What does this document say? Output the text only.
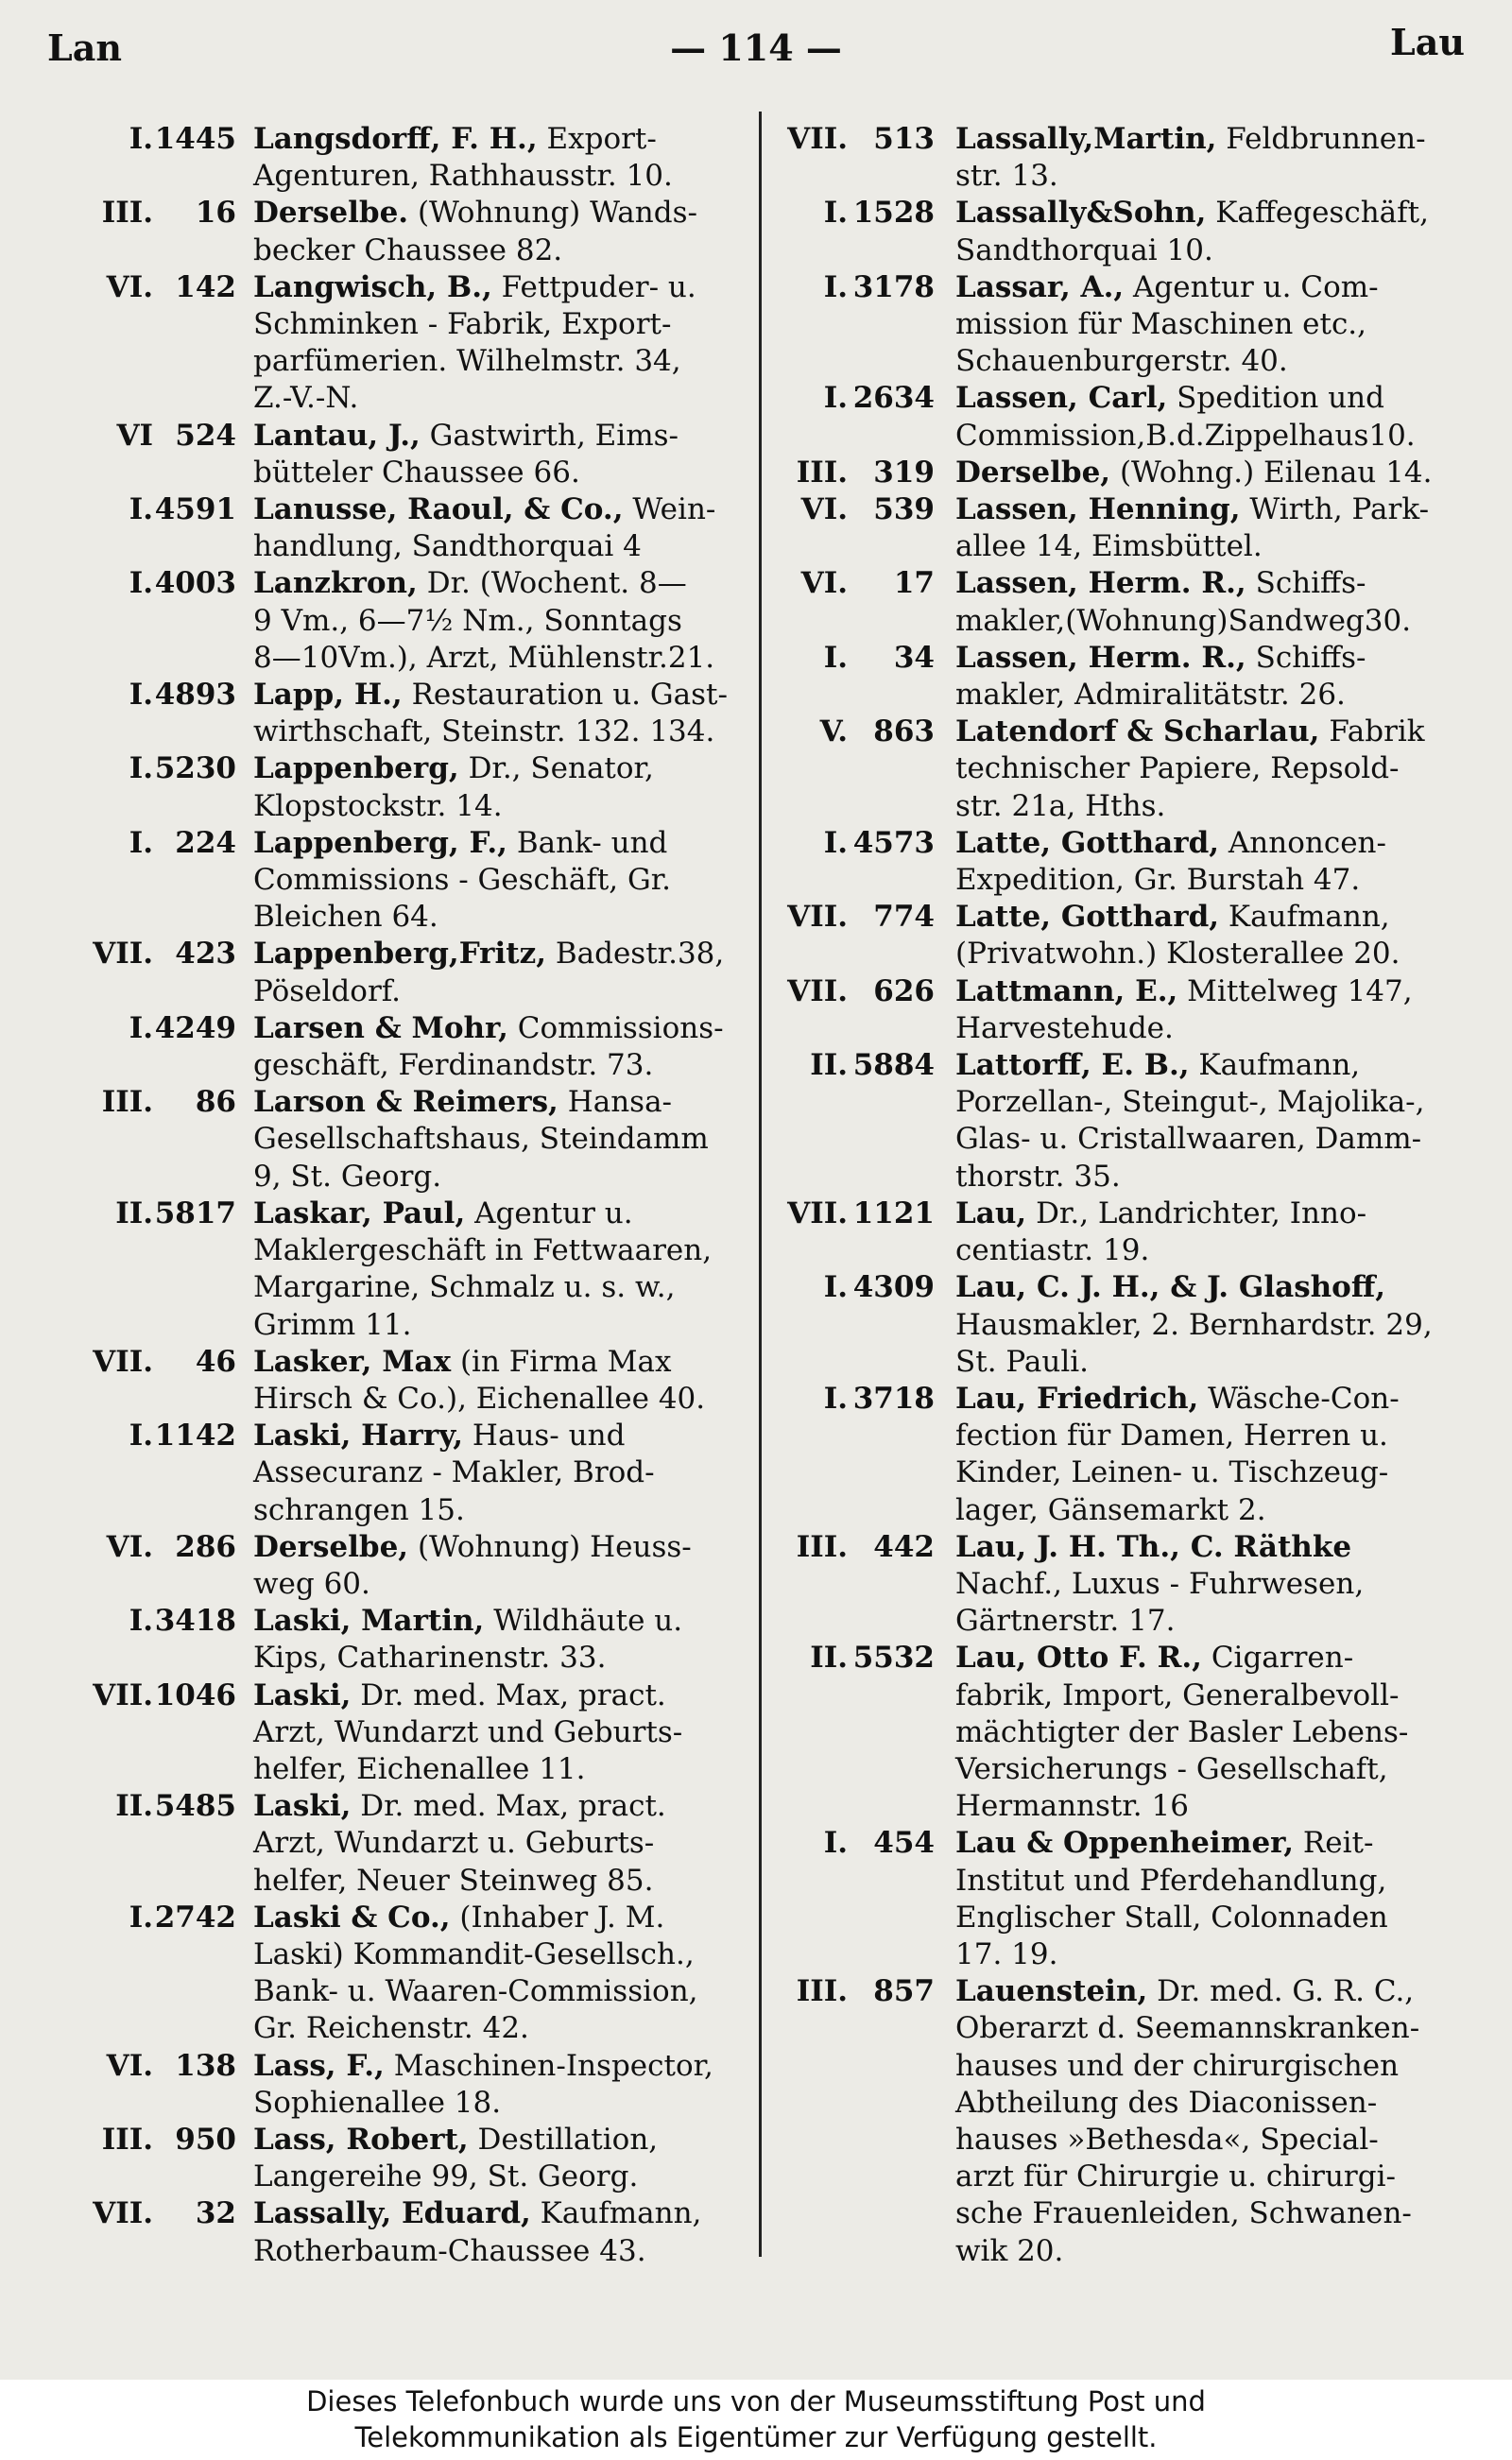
Lan	— 114 —	Lau
I. 1445 Langsdorff, F. H., Export-
Agenturen, Rathhausstr. 10.
III.	16 Derselbe. (Wohnung) Wands-
becker Chaussee 82.
VI. 142 Langwisch, B., Fettpuder- u.
Schminken - Fabrik, Export-
parfümerien. Wilhelmstr. 34,
Z.-V.-N.
VI 524 Lantau, J., Gastwirth, Eims-
bütteler Chaussee 66.
I. 4591 Lanusse, Raoul, & Co., Wein-
handlung, Sandthorquai 4
I. 4003 Lanzkron, Dr. (Wochent. 8—
9 Vm., 6—7½ Nm., Sonntags
8—10Vm.), Arzt, Mühlenstr.21.
I. 4893 Lapp, H., Restauration u. Gast-
wirthschaft, Steinstr. 132. 134.
I. 5230 Lappenberg, Dr., Senator,
Klopstockstr. 14.
I. 224 Lappenberg, F., Bank- und
Commissions - Geschäft, Gr.
Bleichen 64.
VII. 423 Lappenberg,Fritz, Badestr.38,
Pöseldorf.
I. 4249 Larsen & Mohr, Commissions-
geschäft, Ferdinandstr. 73.
III.	86 Larson & Reimers, Hansa-
Gesellschaftshaus, Steindamm
9, St. Georg.
II. 5817 Laskar, Paul, Agentur u.
Maklergeschäft in Fettwaaren,
Margarine, Schmalz u. s. w.,
Grimm 11.
VII.	46 Lasker, Max (in Firma Max
Hirsch & Co.), Eichenallee 40.
I. 1142 Laski, Harry, Haus- und
Assecuranz - Makler, Brod-
schrangen 15.
VI. 286 Derselbe, (Wohnung) Heuss-
weg 60.
I. 3418 Laski, Martin, Wildhäute u.
Kips, Catharinenstr. 33.
VII. 1046 Laski, Dr. med. Max, pract.
Arzt, Wundarzt und Geburts-
helfer, Eichenallee 11.
II. 5485 Laski, Dr. med. Max, pract.
Arzt, Wundarzt u. Geburts-
helfer, Neuer Steinweg 85.
I. 2742 Laski & Co., (Inhaber J. M.
Laski) Kommandit-Gesellsch.,
Bank- u. Waaren-Commission,
Gr. Reichenstr. 42.
VI. 138 Lass, F., Maschinen-Inspector,
Sophienallee 18.
III. 950 Lass, Robert, Destillation,
Langereihe 99, St. Georg.
VII.	32 Lassally, Eduard, Kaufmann,
Rotherbaum-Chaussee 43.
VII. 513 Lassally,Martin, Feldbrunnen-
str. 13.
I. 1528 Lassally&Sohn, Kaffegeschäft,
Sandthorquai 10.
I. 3178 Lassar, A., Agentur u. Com-
mission für Maschinen etc.,
Schauenburgerstr. 40.
I. 2634 Lassen, Carl, Spedition und
Commission,B.d.Zippelhaus10.
III. 319 Derselbe, (Wohng.) Eilenau 14.
VI. 539 Lassen, Henning, Wirth, Park-
allee 14, Eimsbüttel.
VI.	17 Lassen, Herm. R., Schiffs-
makler,(Wohnung)Sandweg30.
I.	34 Lassen, Herm. R., Schiffs-
makler, Admiralitätstr. 26.
V. 863 Latendorf & Scharlau, Fabrik
technischer Papiere, Repsold-
str. 21a, Hths.
I. 4573 Latte, Gotthard, Annoncen-
Expedition, Gr. Burstah 47.
VII. 774 Latte, Gotthard, Kaufmann,
(Privatwohn.) Klosterallee 20.
VII. 626 Lattmann, E., Mittelweg 147,
Harvestehude.
II. 5884 Lattorff, E. B., Kaufmann,
Porzellan-, Steingut-, Majolika-,
Glas- u. Cristallwaaren, Damm-
thorstr. 35.
VII. 1121 Lau, Dr., Landrichter, Inno-
centiastr. 19.
I. 4309 Lau, C. J. H., & J. Glashoff,
Hausmakler, 2. Bernhardstr. 29,
St. Pauli.
I. 3718 Lau, Friedrich, Wäsche-Con-
fection für Damen, Herren u.
Kinder, Leinen- u. Tischzeug-
lager, Gänsemarkt 2.
III. 442 Lau, J. H. Th., C. Räthke
Nachf., Luxus - Fuhrwesen,
Gärtnerstr. 17.
II. 5532 Lau, Otto F. R., Cigarren-
fabrik, Import, Generalbevoll-
mächtigter der Basler Lebens-
Versicherungs - Gesellschaft,
Hermannstr. 16
I. 454 Lau & Oppenheimer, Reit-
Institut und Pferdehandlung,
Englischer Stall, Colonnaden
17. 19.
III. 857 Lauenstein, Dr. med. G. R. C.,
Oberarzt d. Seemannskranken-
hauses und der chirurgischen
Abtheilung des Diaconissen-
hauses »Bethesda«, Special-
arzt für Chirurgie u. chirurgi-
sche Frauenleiden, Schwanen-
wik 20.
Dieses Telefonbuch wurde uns von der Museumsstiftung Post und
Telekommunikation als Eigentümer zur Verfügung gestellt.
